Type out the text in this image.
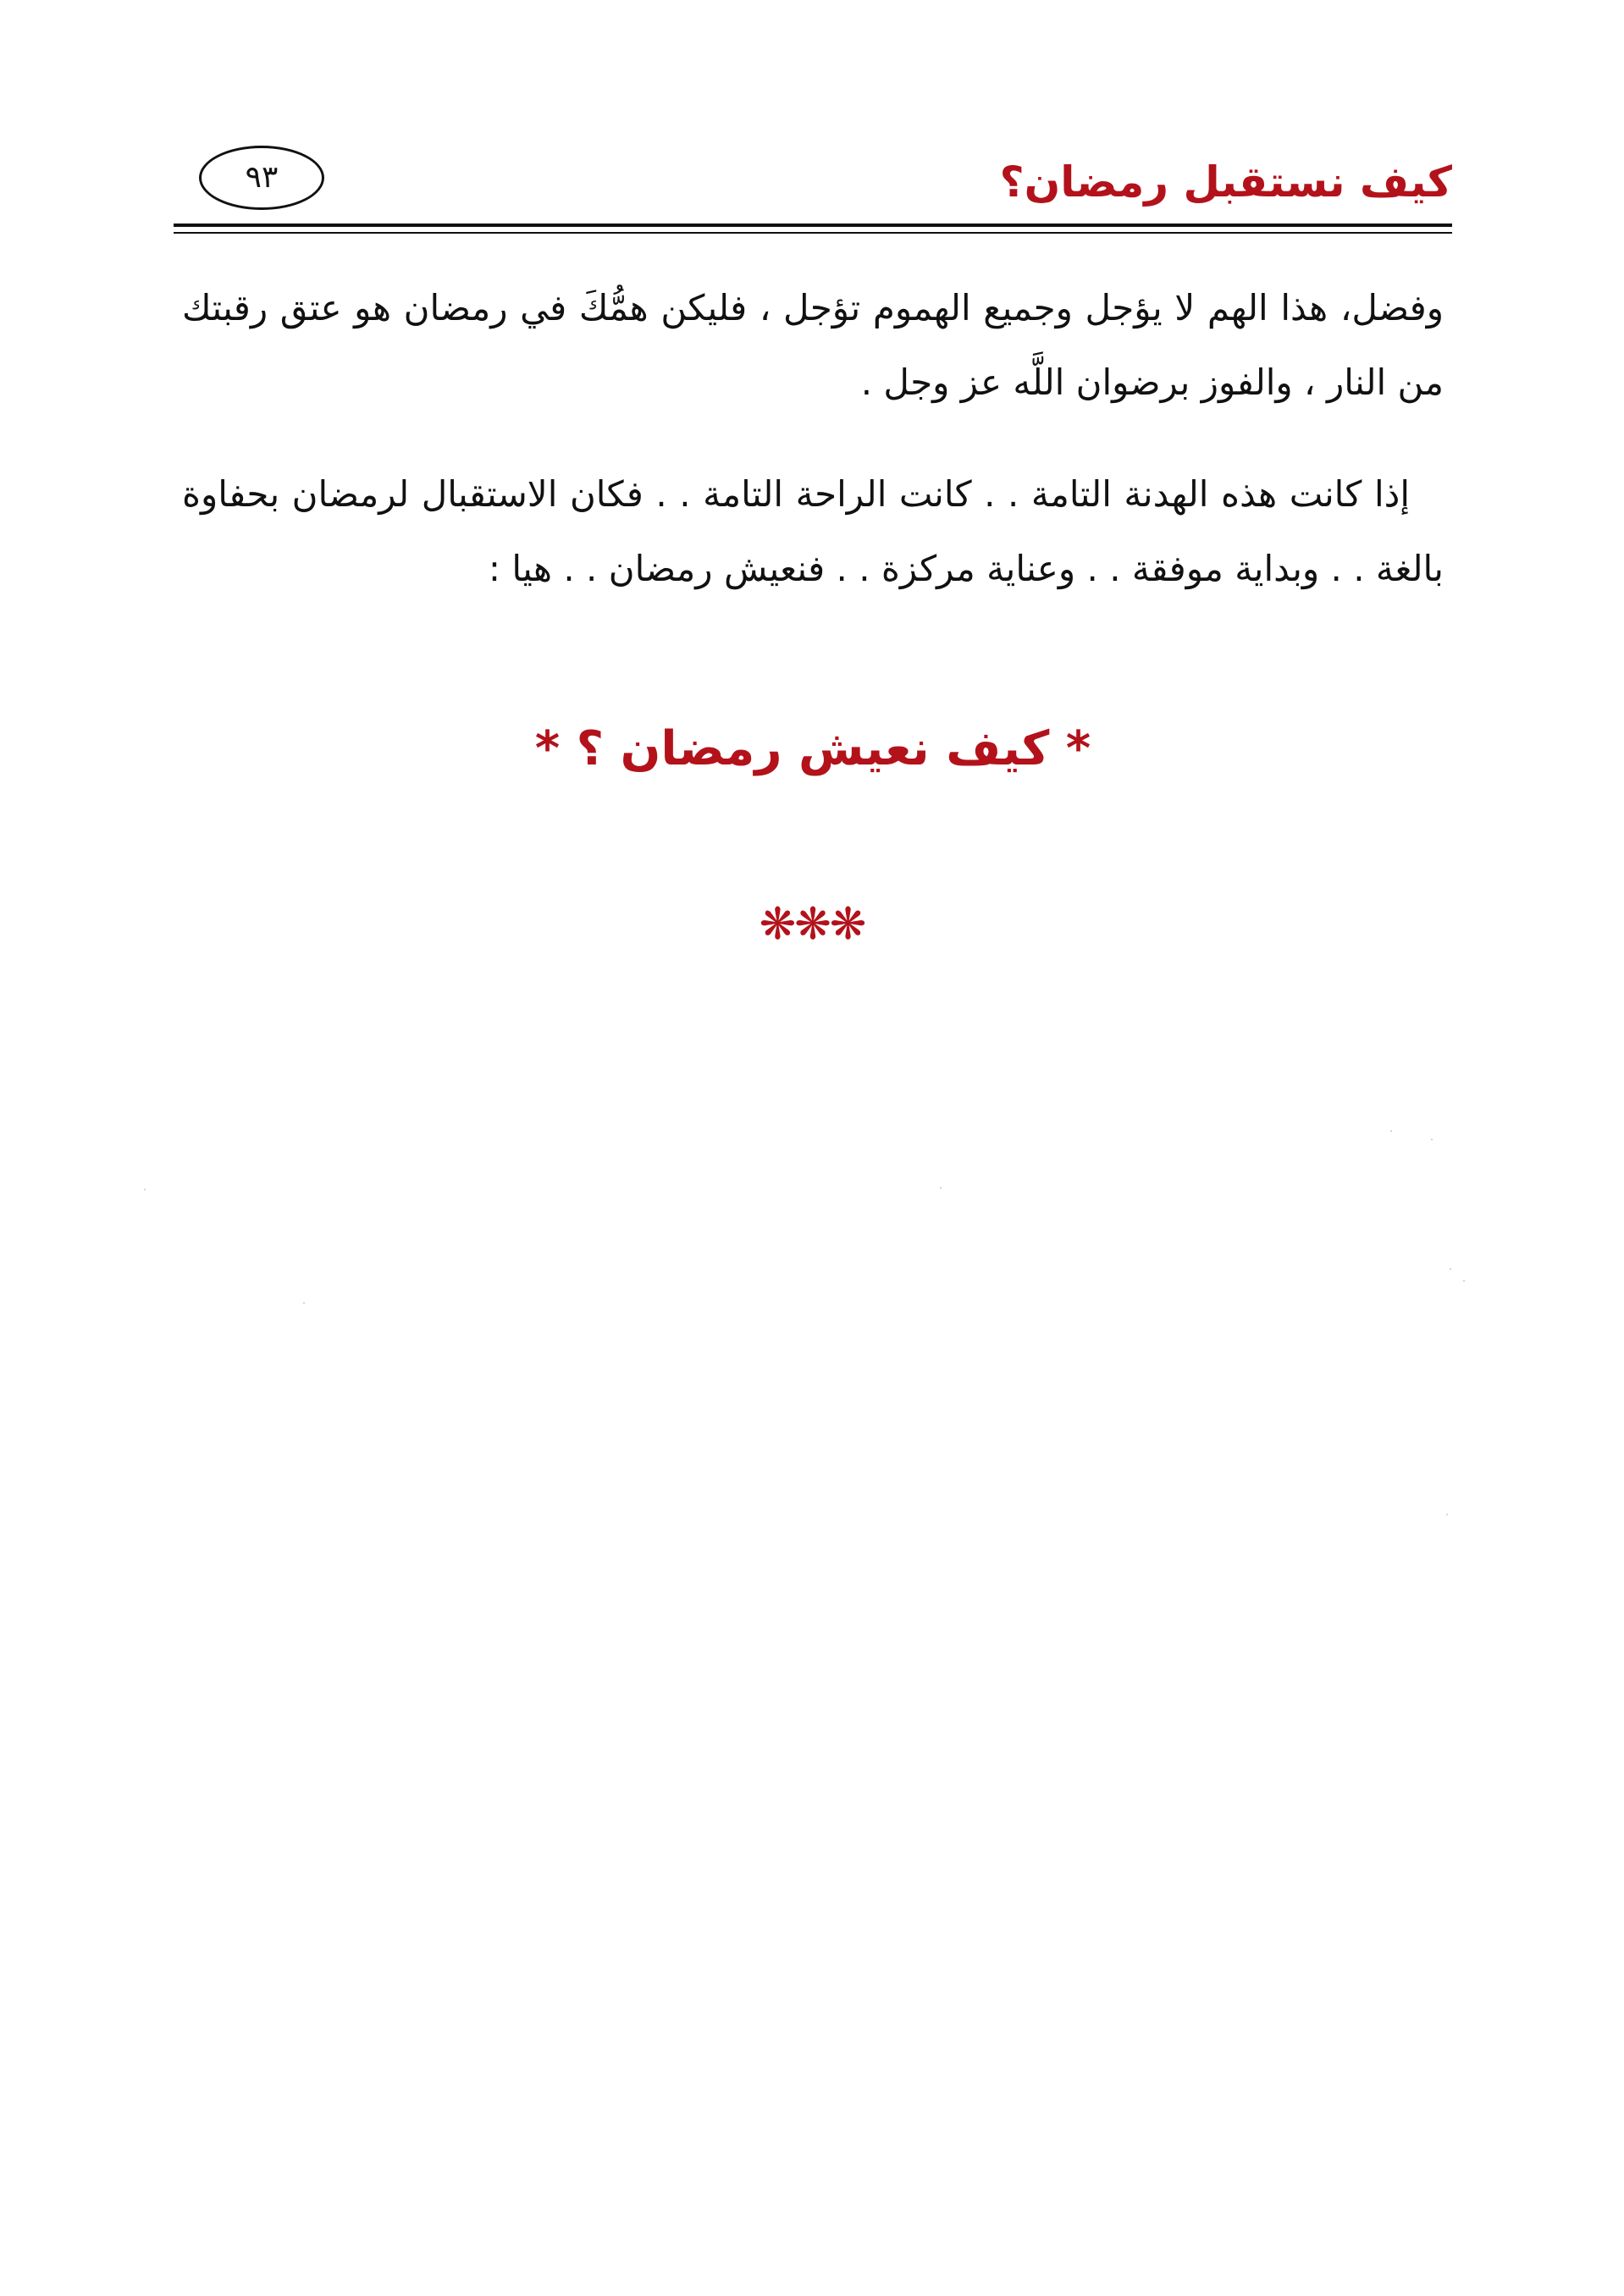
كيف نستقبل رمضان؟
٩٣
وفضل، هذا الهم لا يؤجل وجميع الهموم تؤجل ، فليكن همُّكَ في رمضان هو عتق رقبتك من النار ، والفوز برضوان اللَّه عز وجل .
إذا كانت هذه الهدنة التامة . . كانت الراحة التامة . . فكان الاستقبال لرمضان بحفاوة بالغة . . وبداية موفقة . . وعناية مركزة . . فنعيش رمضان . . هيا :
* كيف نعيش رمضان ؟ *
❋❋❋
